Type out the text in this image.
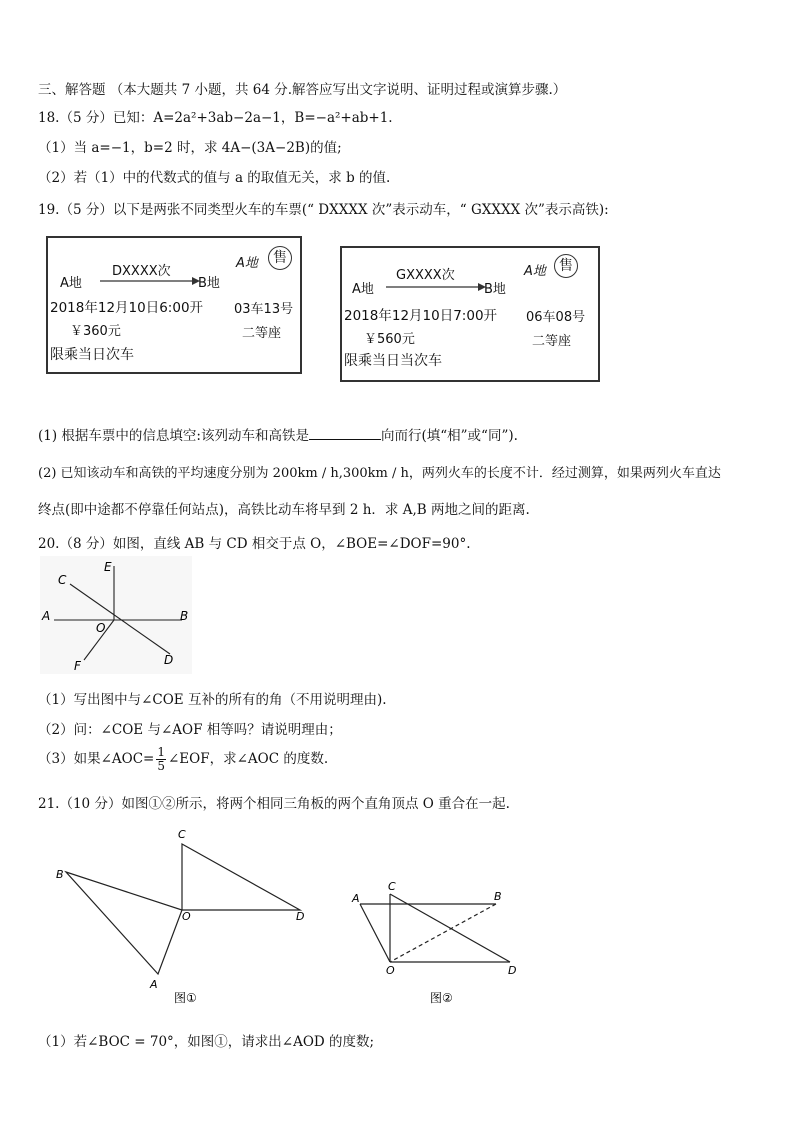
三、解答题 （本大题共 7 小题，共 64 分.解答应写出文字说明、证明过程或演算步骤.）
18.（5 分）已知：A=2a²+3ab−2a−1，B=−a²+ab+1.
（1）当 a=−1，b=2 时，求 4A−(3A−2B)的值;
（2）若（1）中的代数式的值与 a 的取值无关，求 b 的值.
19.（5 分）以下是两张不同类型火车的车票(“ DXXXX 次”表示动车，“ GXXXX 次”表示高铁):
A地	售
A地
DXXXX次
B地
2018年12月10日6:00开 03车13号
￥360元	二等座
限乘当日次车
A地 售
A地
GXXXX次
B地
2018年12月10日7:00开 06车08号
￥560元	二等座
限乘当日当次车
(1) 根据车票中的信息填空:该列动车和高铁是	向而行(填“相”或“同”).
(2) 已知该动车和高铁的平均速度分别为 200km / h,300km / h，两列火车的长度不计．经过测算，如果两列火车直达
终点(即中途都不停靠任何站点)，高铁比动车将早到 2 h．求 A,B 两地之间的距离.
20.（8 分）如图，直线 AB 与 CD 相交于点 O，∠BOE=∠DOF=90°.
C
E
A	B
O
F	D
（1）写出图中与∠COE 互补的所有的角（不用说明理由).
（2）问：∠COE 与∠AOF 相等吗？请说明理由；
（3）如果∠AOC= $\frac{1}{5}$ ∠EOF，求∠AOC 的度数.
21.（10 分）如图①②所示，将两个相同三角板的两个直角顶点 O 重合在一起.
C
B
O	D
A
图①
A
C
B
O	D
图②
（1）若∠BOC = 70°，如图①，请求出∠AOD 的度数;
